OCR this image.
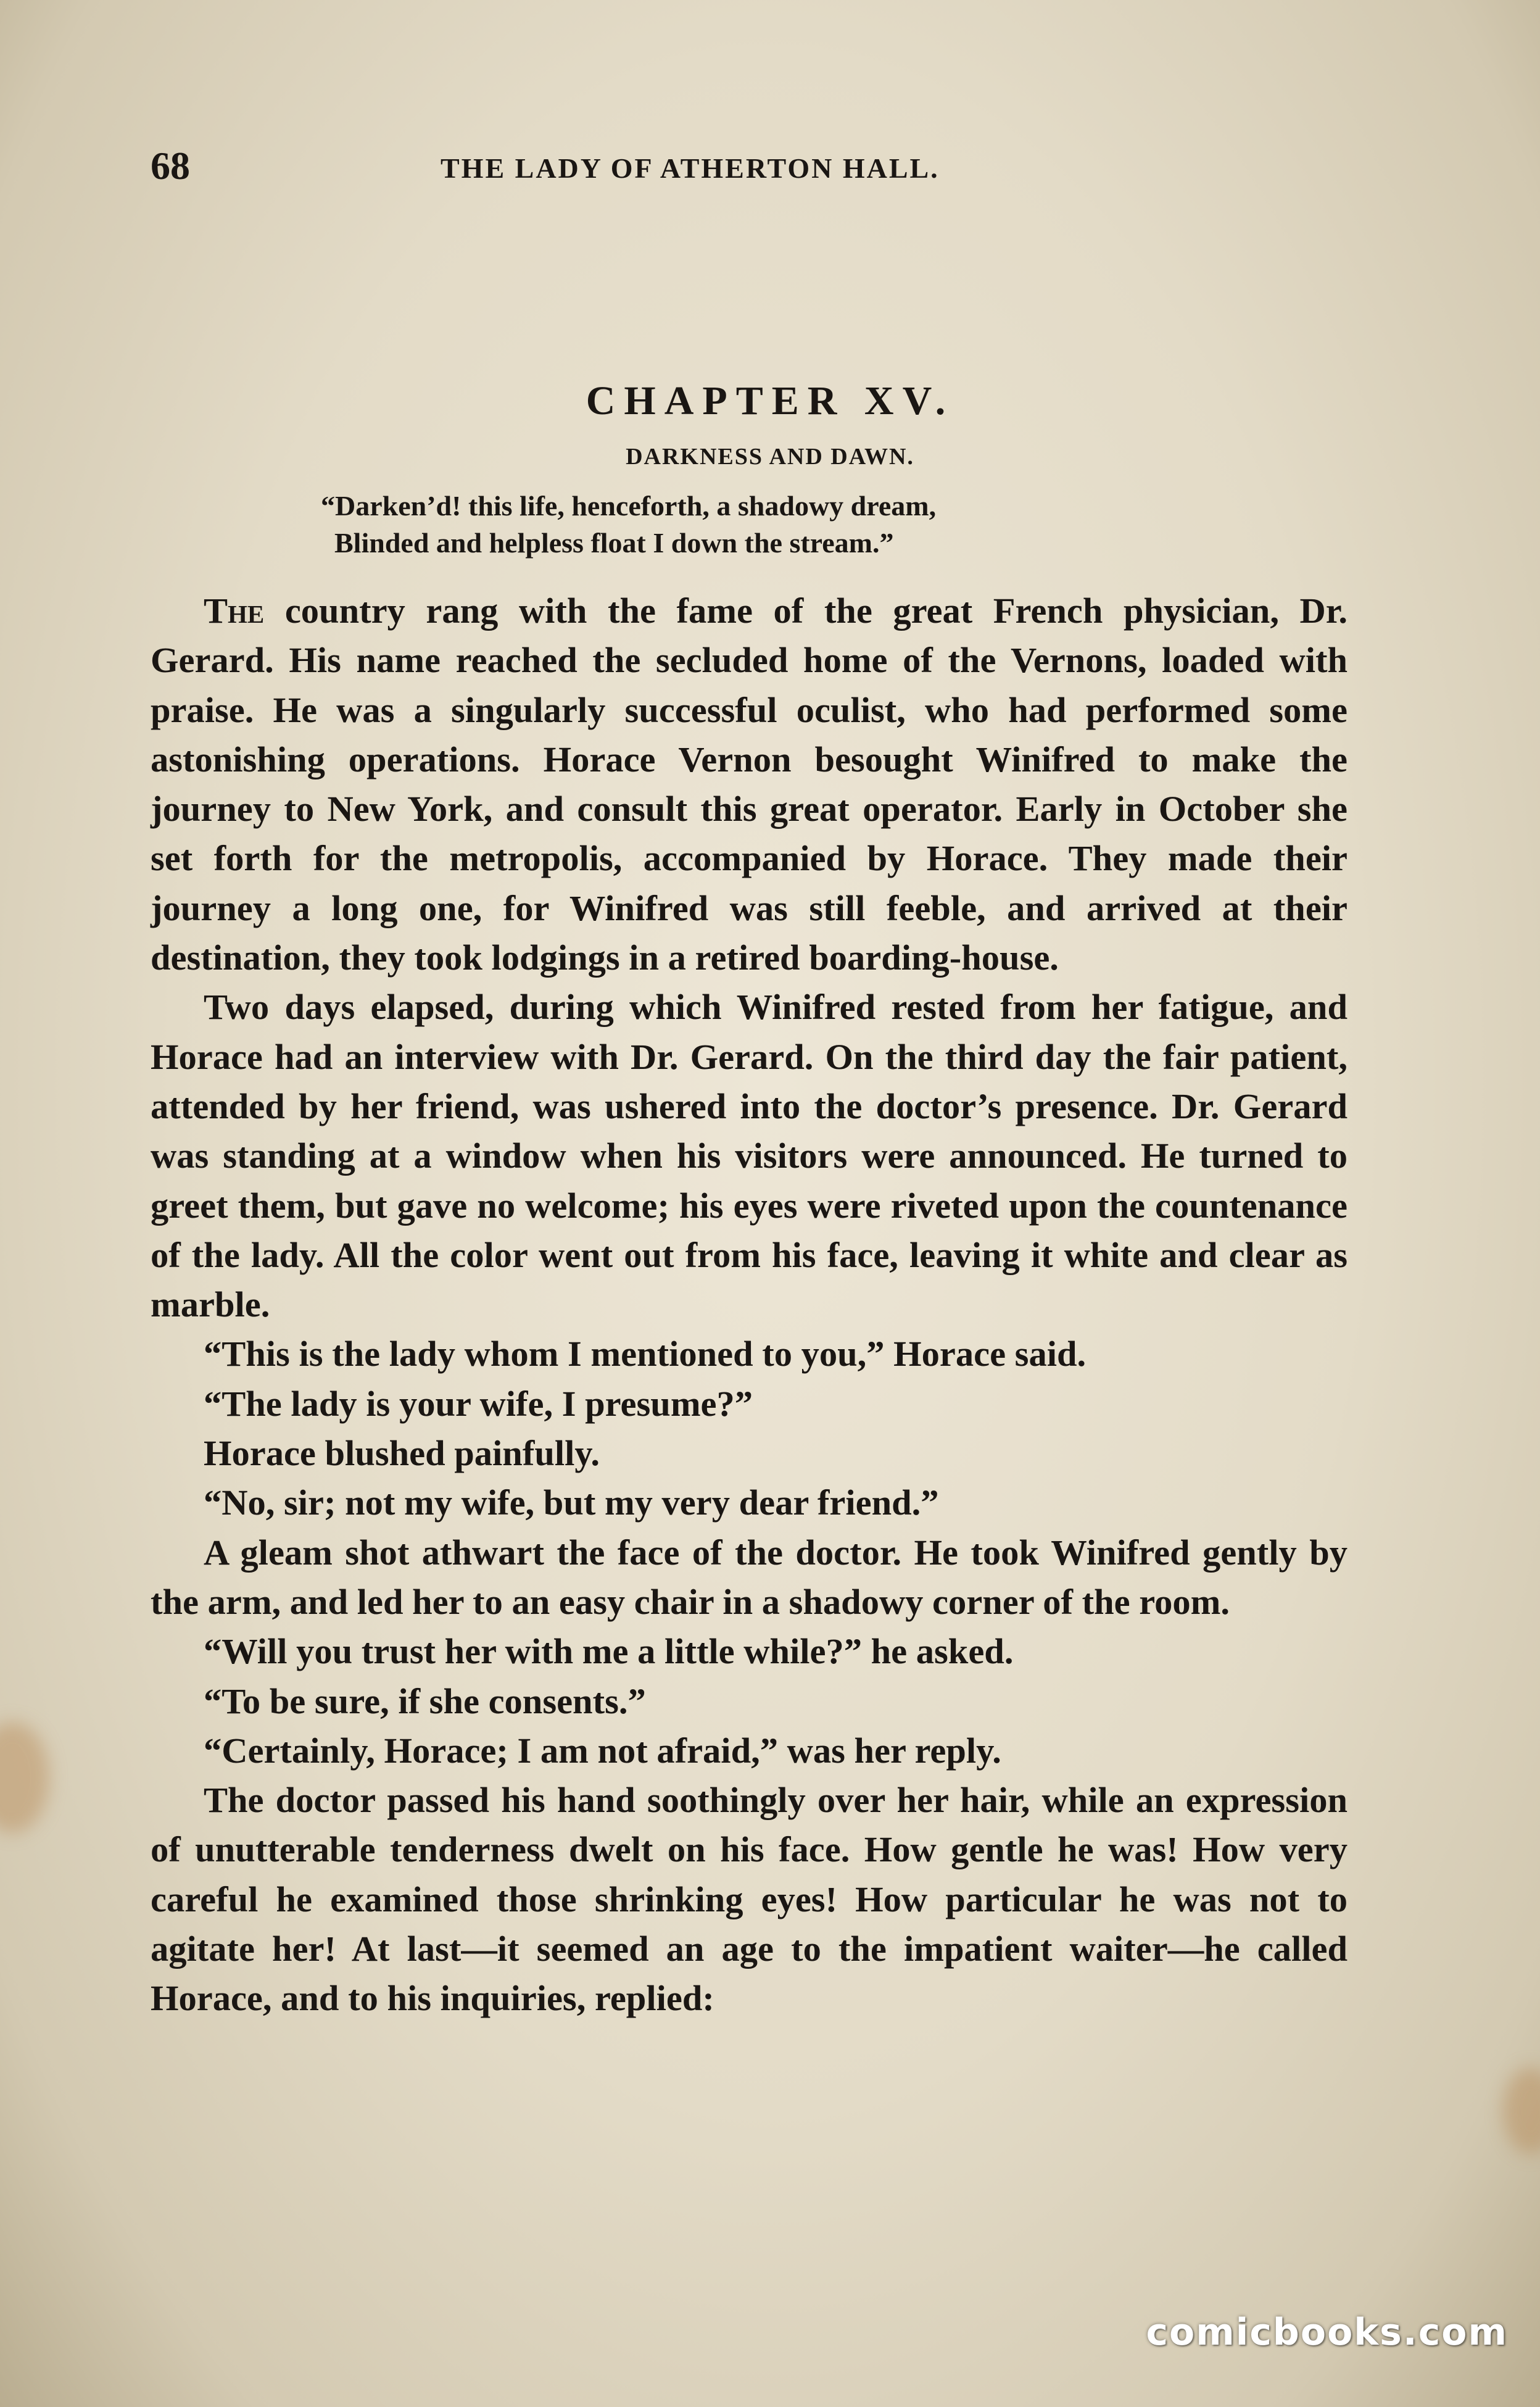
68	THE LADY OF ATHERTON HALL.
CHAPTER XV.
DARKNESS AND DAWN.
“Darken’d! this life, henceforth, a shadowy dream,
Blinded and helpless float I down the stream.”

The country rang with the fame of the great French physician, Dr. Gerard. His name reached the secluded home of the Vernons, loaded with praise. He was a singularly successful oculist, who had performed some astonishing operations. Horace Vernon besought Winifred to make the journey to New York, and consult this great operator. Early in October she set forth for the metropolis, accompanied by Horace. They made their journey a long one, for Winifred was still feeble, and arrived at their destination, they took lodgings in a retired boarding-house.

Two days elapsed, during which Winifred rested from her fatigue, and Horace had an interview with Dr. Gerard. On the third day the fair patient, attended by her friend, was ushered into the doctor’s presence. Dr. Gerard was standing at a window when his visitors were announced. He turned to greet them, but gave no welcome; his eyes were riveted upon the countenance of the lady. All the color went out from his face, leaving it white and clear as marble.

“This is the lady whom I mentioned to you,” Horace said.

“The lady is your wife, I presume?”

Horace blushed painfully.

“No, sir; not my wife, but my very dear friend.”

A gleam shot athwart the face of the doctor. He took Winifred gently by the arm, and led her to an easy chair in a shadowy corner of the room.

“Will you trust her with me a little while?” he asked.

“To be sure, if she consents.”

“Certainly, Horace; I am not afraid,” was her reply.

The doctor passed his hand soothingly over her hair, while an expression of unutterable tenderness dwelt on his face. How gentle he was! How very careful he examined those shrinking eyes! How particular he was not to agitate her! At last—it seemed an age to the impatient waiter—he called Horace, and to his inquiries, replied:

comicbooks.com
